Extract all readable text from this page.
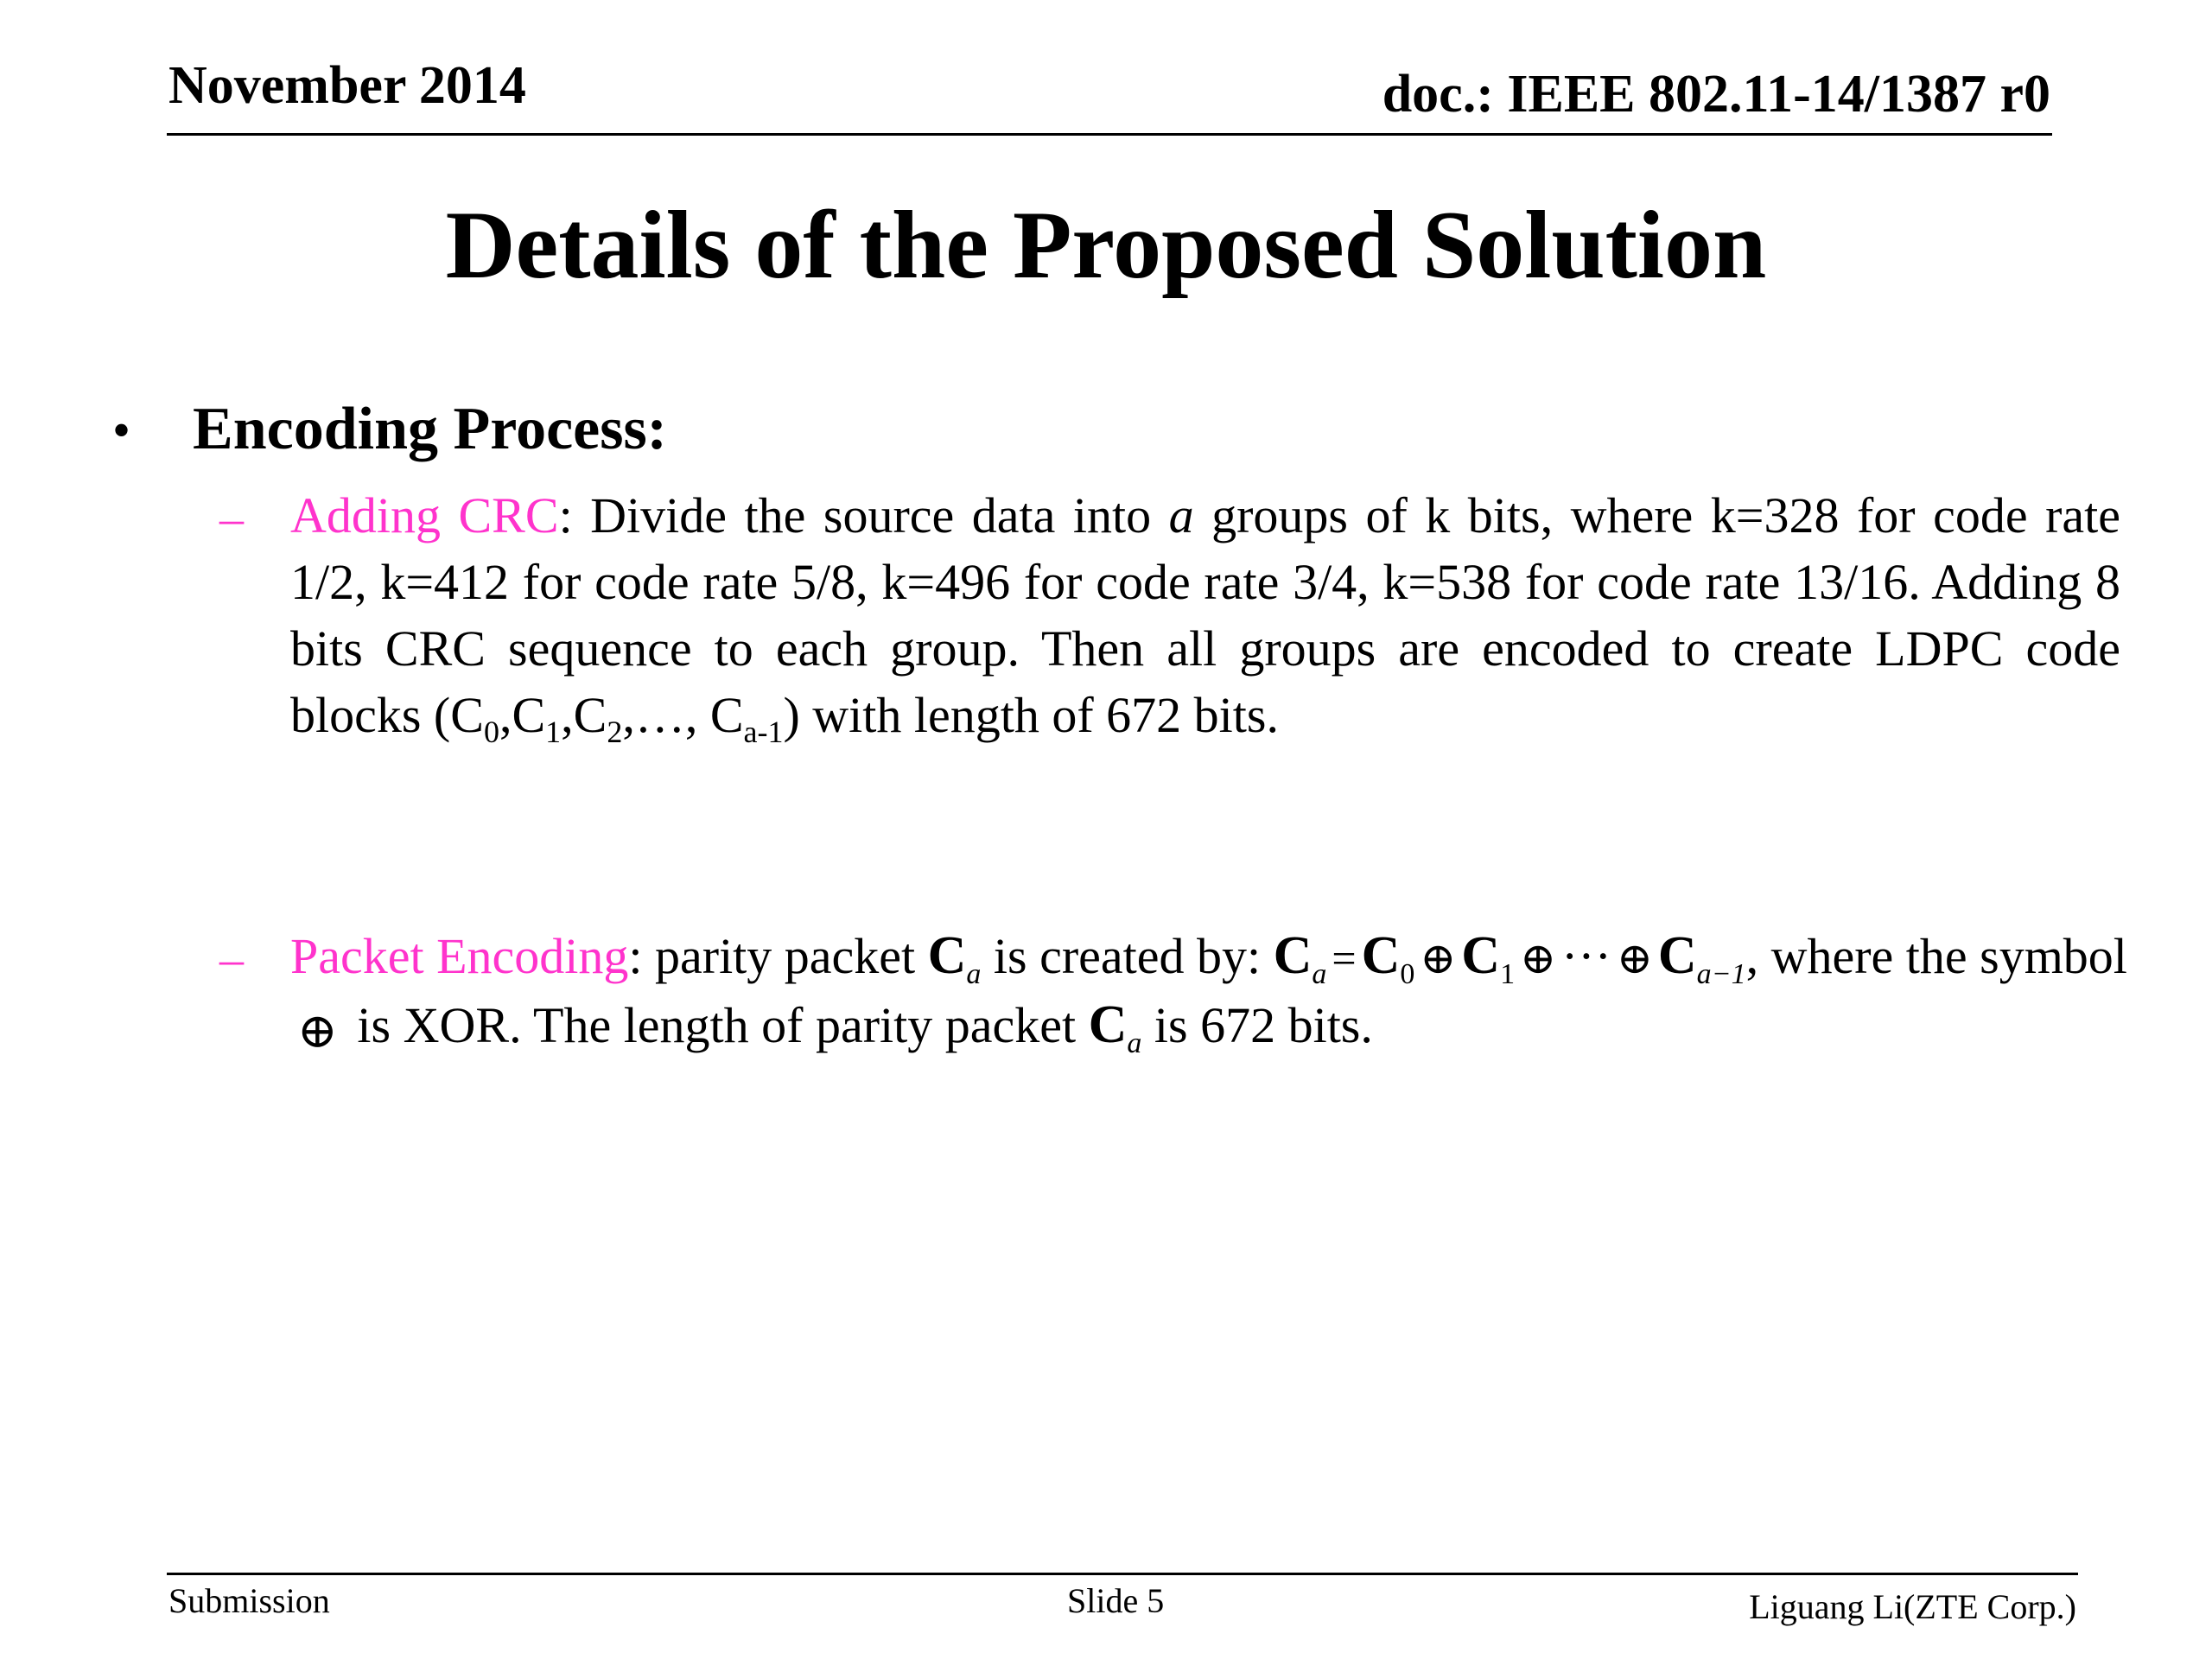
November 2014	doc.: IEEE 802.11-14/1387 r0
Details of the Proposed Solution
• Encoding Process:
– Adding CRC: Divide the source data into a groups of k bits, where k=328 for code rate 1/2, k=412 for code rate 5/8, k=496 for code rate 3/4, k=538 for code rate 13/16. Adding 8 bits CRC sequence to each group. Then all groups are encoded to create LDPC code blocks ($C_0,C_1,C_2,\dots$, $C_{a-1}$) with length of 672 bits.
– Packet Encoding: parity packet $C_a$ is created by: $C_a =C_0$ $\oplus C_1$ ⊕ ··· $\oplus C_{a-1}$, where the symbol ⊕ is XOR. The length of parity packet $C_a$ is 672 bits.
Submission	Slide 5	Liguang Li(ZTE Corp.)
